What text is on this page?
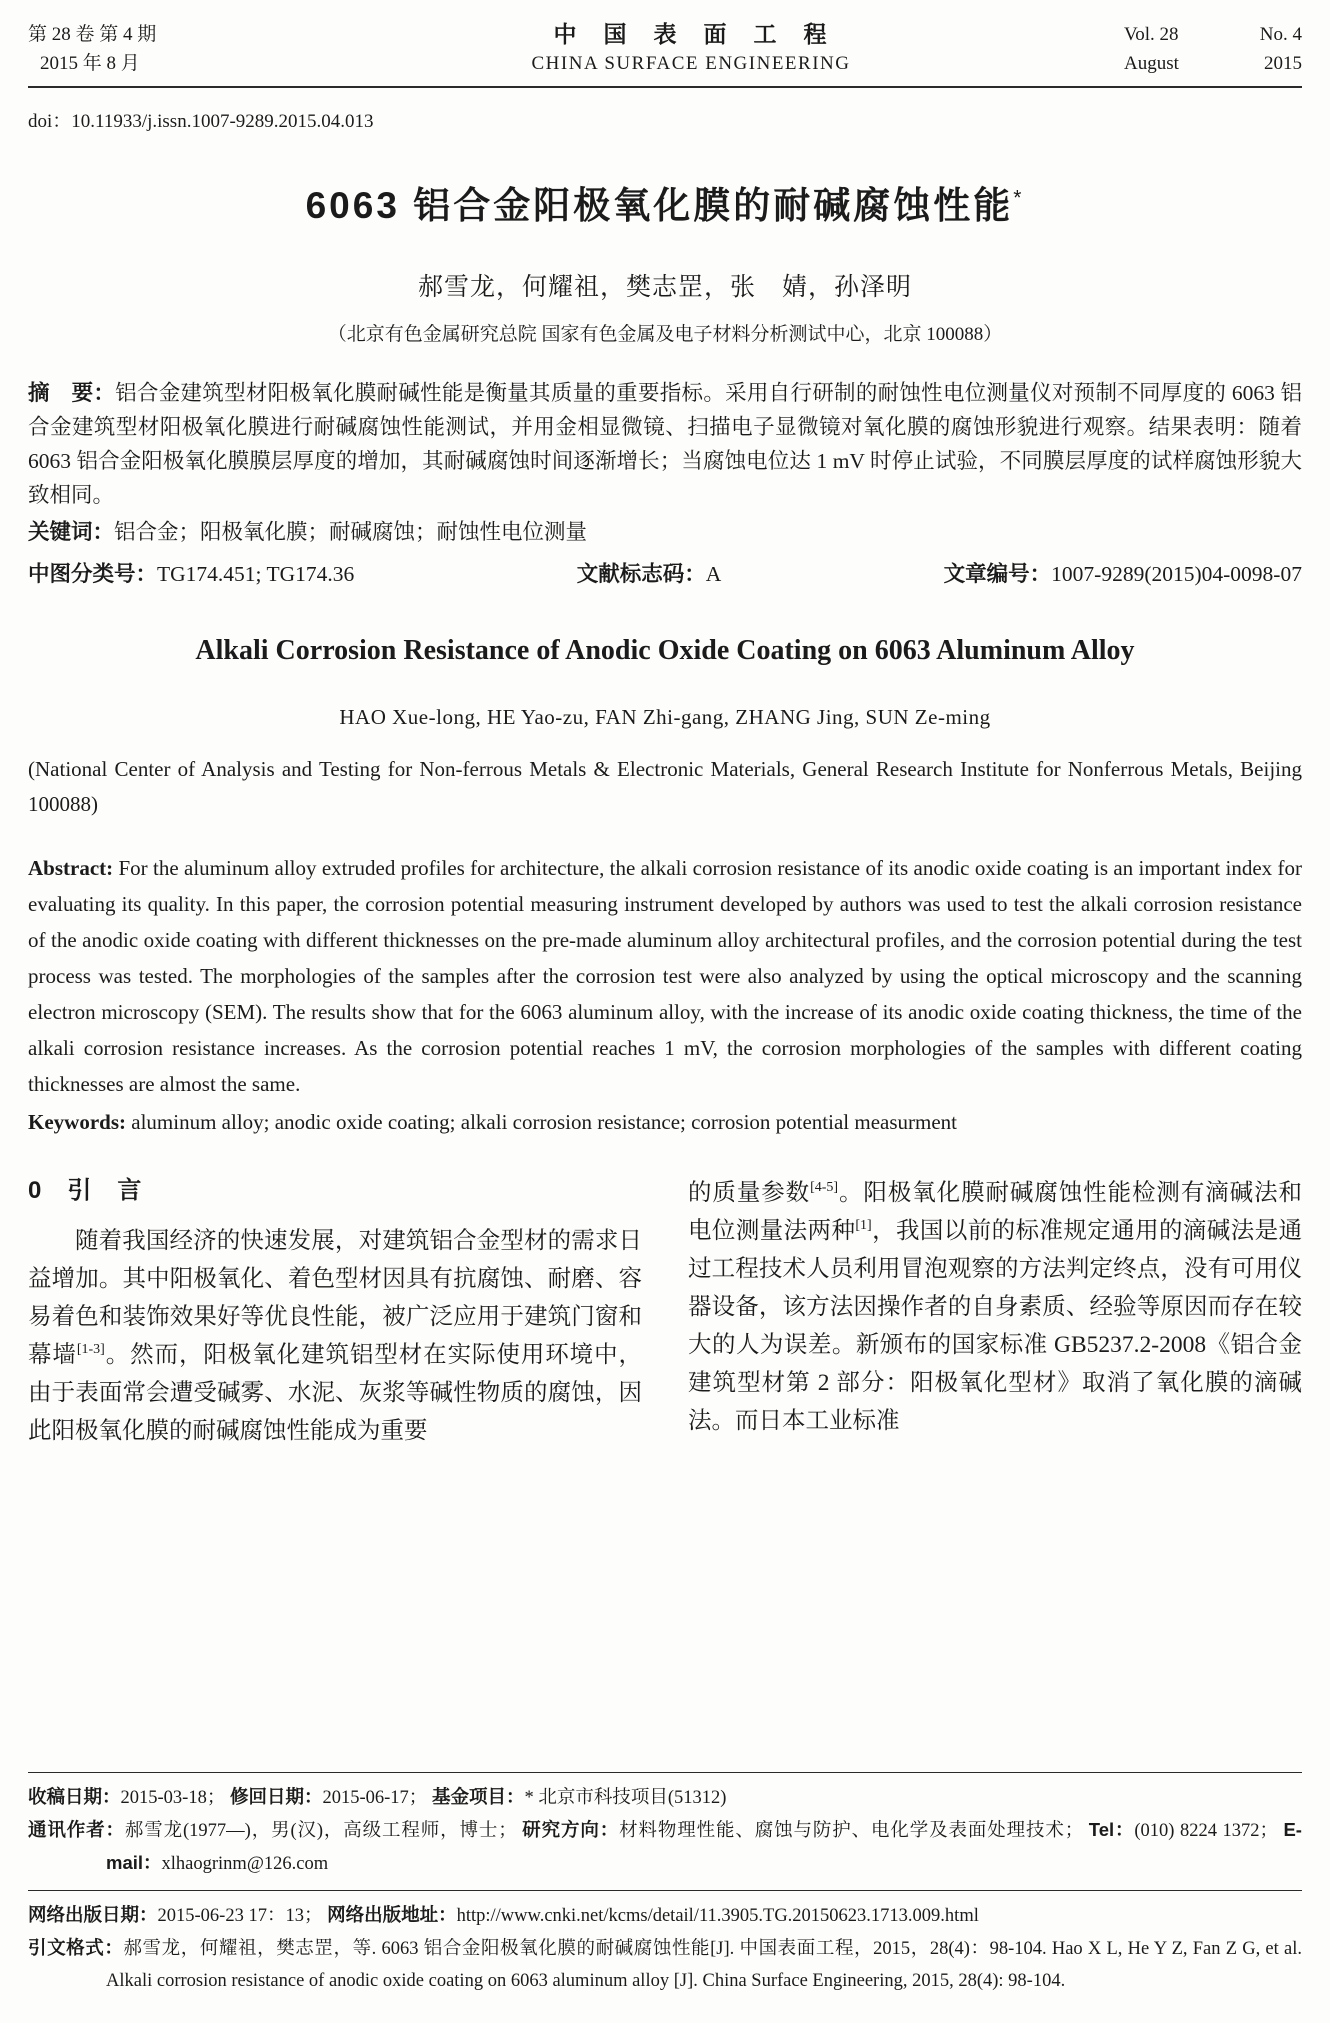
第 28 卷 第 4 期
2015 年 8 月
中　国　表　面　工　程
CHINA SURFACE ENGINEERING
Vol. 28	No. 4
August	2015
doi：10.11933/j.issn.1007-9289.2015.04.013
6063 铝合金阳极氧化膜的耐碱腐蚀性能*
郝雪龙，何耀祖，樊志罡，张　婧，孙泽明
（北京有色金属研究总院 国家有色金属及电子材料分析测试中心，北京 100088）

摘　要：铝合金建筑型材阳极氧化膜耐碱性能是衡量其质量的重要指标。采用自行研制的耐蚀性电位测量仪对预制不同厚度的 6063 铝合金建筑型材阳极氧化膜进行耐碱腐蚀性能测试，并用金相显微镜、扫描电子显微镜对氧化膜的腐蚀形貌进行观察。结果表明：随着 6063 铝合金阳极氧化膜膜层厚度的增加，其耐碱腐蚀时间逐渐增长；当腐蚀电位达 1 mV 时停止试验，不同膜层厚度的试样腐蚀形貌大致相同。

关键词：铝合金；阳极氧化膜；耐碱腐蚀；耐蚀性电位测量

中图分类号：TG174.451; TG174.36	文献标志码：A	文章编号：1007-9289(2015)04-0098-07
Alkali Corrosion Resistance of Anodic Oxide Coating on 6063 Aluminum Alloy
HAO Xue-long, HE Yao-zu, FAN Zhi-gang, ZHANG Jing, SUN Ze-ming
(National Center of Analysis and Testing for Non-ferrous Metals & Electronic Materials, General Research Institute for Nonferrous Metals, Beijing 100088)

Abstract: For the aluminum alloy extruded profiles for architecture, the alkali corrosion resistance of its anodic oxide coating is an important index for evaluating its quality. In this paper, the corrosion potential measuring instrument developed by authors was used to test the alkali corrosion resistance of the anodic oxide coating with different thicknesses on the pre-made aluminum alloy architectural profiles, and the corrosion potential during the test process was tested. The morphologies of the samples after the corrosion test were also analyzed by using the optical microscopy and the scanning electron microscopy (SEM). The results show that for the 6063 aluminum alloy, with the increase of its anodic oxide coating thickness, the time of the alkali corrosion resistance increases. As the corrosion potential reaches 1 mV, the corrosion morphologies of the samples with different coating thicknesses are almost the same.

Keywords: aluminum alloy; anodic oxide coating; alkali corrosion resistance; corrosion potential measurment

0　引　言

随着我国经济的快速发展，对建筑铝合金型材的需求日益增加。其中阳极氧化、着色型材因具有抗腐蚀、耐磨、容易着色和装饰效果好等优良性能，被广泛应用于建筑门窗和幕墙[1-3]。然而，阳极氧化建筑铝型材在实际使用环境中，由于表面常会遭受碱雾、水泥、灰浆等碱性物质的腐蚀，因此阳极氧化膜的耐碱腐蚀性能成为重要

的质量参数[4-5]。阳极氧化膜耐碱腐蚀性能检测有滴碱法和电位测量法两种[1]，我国以前的标准规定通用的滴碱法是通过工程技术人员利用冒泡观察的方法判定终点，没有可用仪器设备，该方法因操作者的自身素质、经验等原因而存在较大的人为误差。新颁布的国家标准 GB5237.2-2008《铝合金建筑型材第 2 部分：阳极氧化型材》取消了氧化膜的滴碱法。而日本工业标准

收稿日期：2015-03-18； 修回日期：2015-06-17； 基金项目：* 北京市科技项目(51312)

通讯作者：郝雪龙(1977—)，男(汉)，高级工程师，博士； 研究方向：材料物理性能、腐蚀与防护、电化学及表面处理技术； Tel：(010) 8224 1372； E-mail：xlhaogrinm@126.com

网络出版日期：2015-06-23 17：13； 网络出版地址：http://www.cnki.net/kcms/detail/11.3905.TG.20150623.1713.009.html

引文格式：郝雪龙，何耀祖，樊志罡，等. 6063 铝合金阳极氧化膜的耐碱腐蚀性能[J]. 中国表面工程，2015，28(4)：98-104. Hao X L, He Y Z, Fan Z G, et al. Alkali corrosion resistance of anodic oxide coating on 6063 aluminum alloy [J]. China Surface Engineering, 2015, 28(4): 98-104.
